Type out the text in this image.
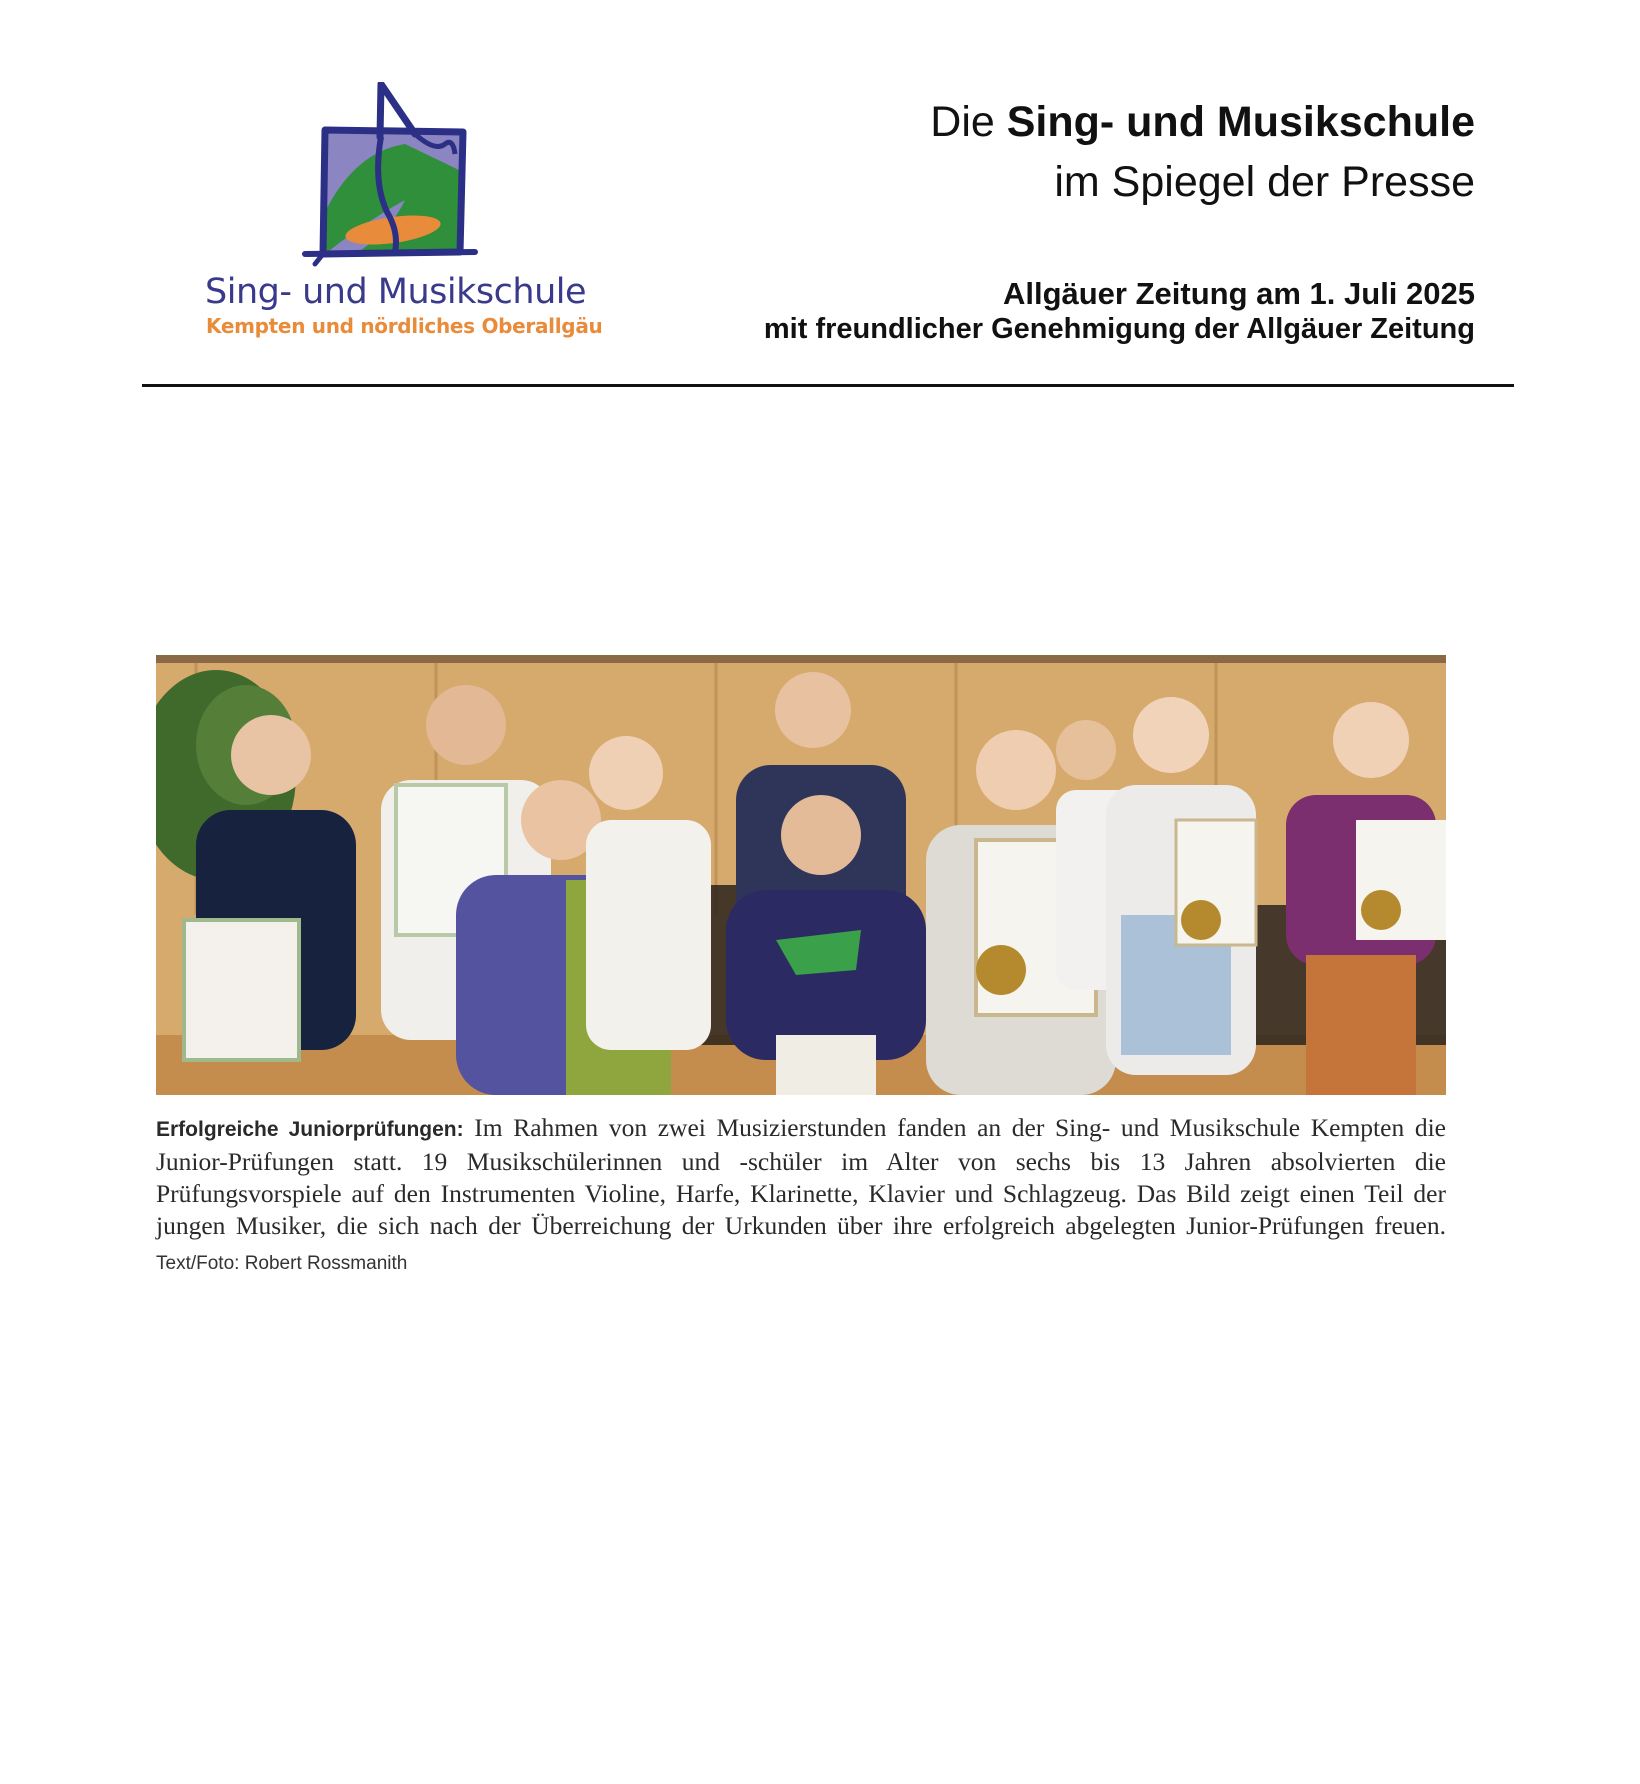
Sing- und Musikschule
Kempten und nördliches Oberallgäu
Die Sing- und Musikschule
im Spiegel der Presse
Allgäuer Zeitung am 1. Juli 2025
mit freundlicher Genehmigung der Allgäuer Zeitung
Erfolgreiche Juniorprüfungen: Im Rahmen von zwei Musizierstunden fanden an der Sing- und Musikschule Kempten die Junior-Prüfungen statt. 19 Musikschülerinnen und -schüler im Alter von sechs bis 13 Jahren absolvierten die Prüfungsvorspiele auf den Instrumenten Violine, Harfe, Klarinette, Klavier und Schlagzeug. Das Bild zeigt einen Teil der jungen Musiker, die sich nach der Überreichung der Urkunden über ihre erfolgreich abgelegten Junior-Prüfungen freuen. Text/Foto: Robert Rossmanith
